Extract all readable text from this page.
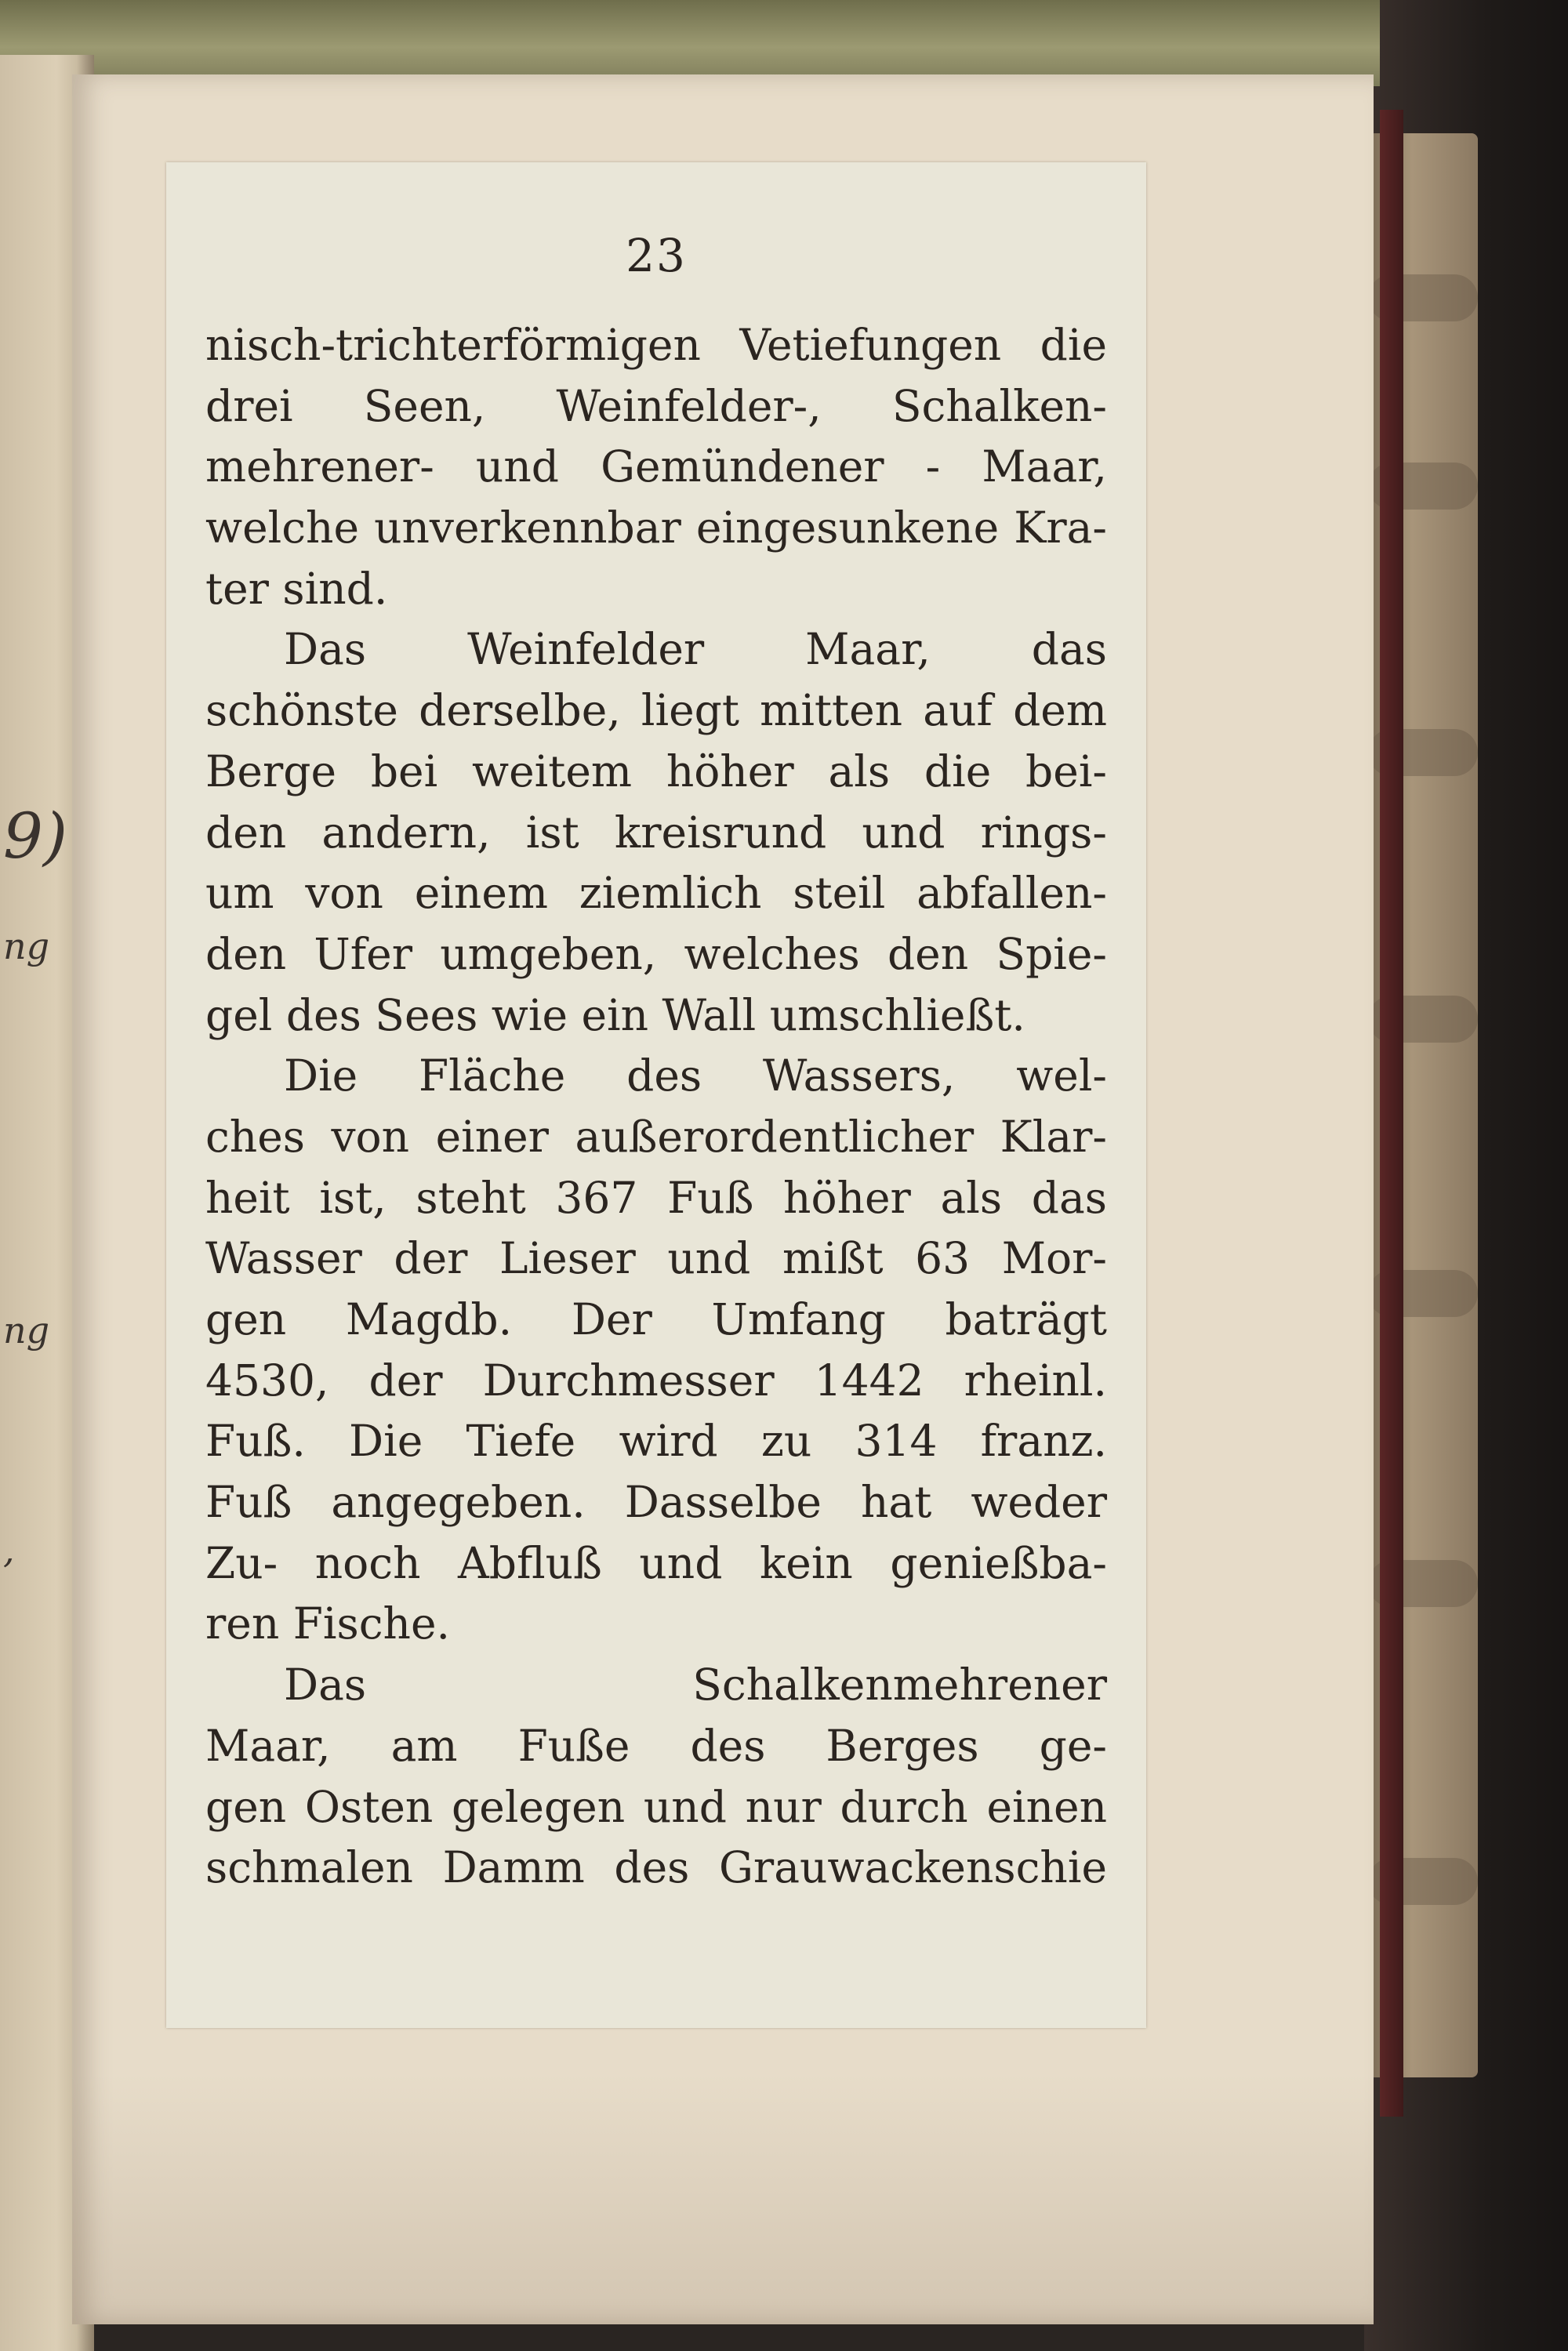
9)
ng
ng
,
23
nisch-trichterförmigen Vetiefungen die
drei Seen, Weinfelder-, Schalken-
mehrener- und Gemündener - Maar,
welche unverkennbar eingesunkene Kra-
ter sind.
Das Weinfelder Maar, das
schönste derselbe, liegt mitten auf dem
Berge bei weitem höher als die bei-
den andern, ist kreisrund und rings-
um von einem ziemlich steil abfallen-
den Ufer umgeben, welches den Spie-
gel des Sees wie ein Wall umschließt.
Die Fläche des Wassers, wel-
ches von einer außerordentlicher Klar-
heit ist, steht 367 Fuß höher als das
Wasser der Lieser und mißt 63 Mor-
gen Magdb. Der Umfang baträgt
4530, der Durchmesser 1442 rheinl.
Fuß. Die Tiefe wird zu 314 franz.
Fuß angegeben. Dasselbe hat weder
Zu- noch Abfluß und kein genießba-
ren Fische.
Das Schalkenmehrener
Maar, am Fuße des Berges ge-
gen Osten gelegen und nur durch einen
schmalen Damm des Grauwackenschie
